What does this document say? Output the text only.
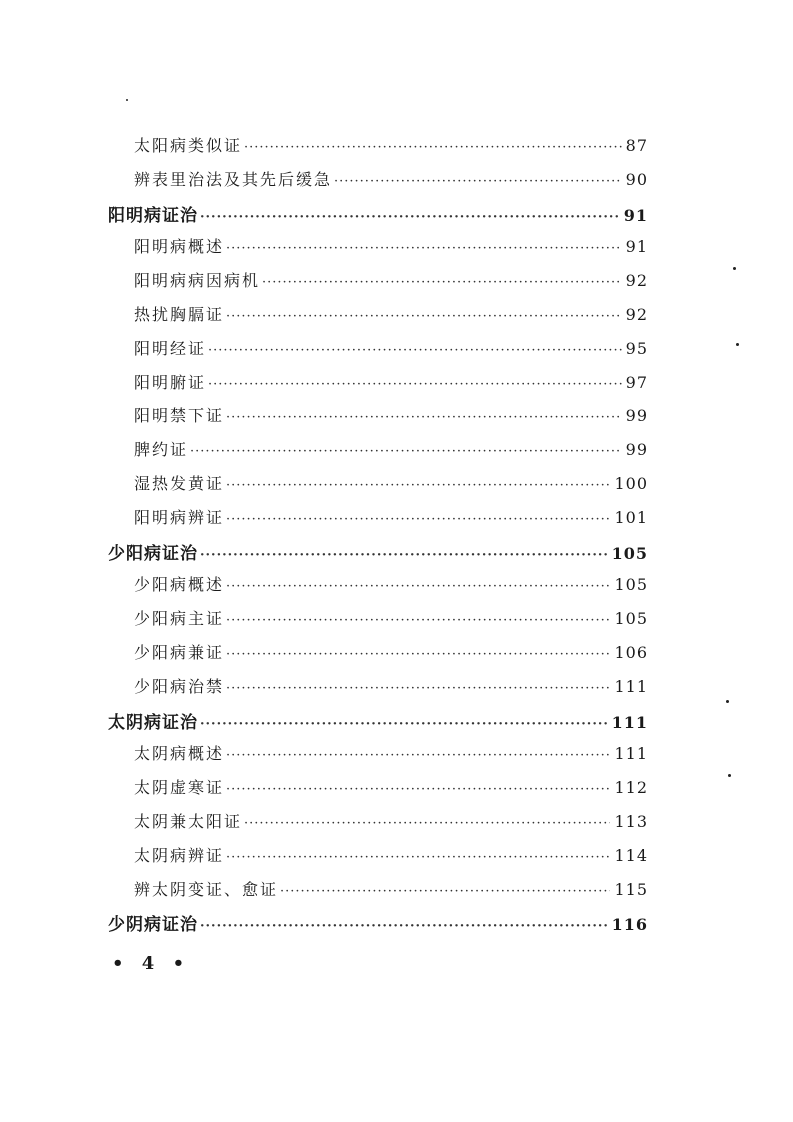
太阳病类似证 ·····	87
辨表里治法及其先后缓急 ·····	90
阳明病证治 ·····	91
阳明病概述 ·····	91
阳明病病因病机 ·····	92
热扰胸膈证 ·····	92
阳明经证 ·····	95
阳明腑证 ·····	97
阳明禁下证 ·····	99
脾约证 ·····	99
湿热发黄证 ·····	100
阳明病辨证 ·····	101
少阳病证治 ·····	105
少阳病概述 ·····	105
少阳病主证 ·····	105
少阳病兼证 ·····	106
少阳病治禁 ·····	111
太阴病证治 ·····	111
太阴病概述 ·····	111
太阴虚寒证 ·····	112
太阴兼太阳证 ·····	113
太阴病辨证 ·····	114
辨太阴变证、愈证 ·····	115
少阴病证治 ·····	116
• 4 •
